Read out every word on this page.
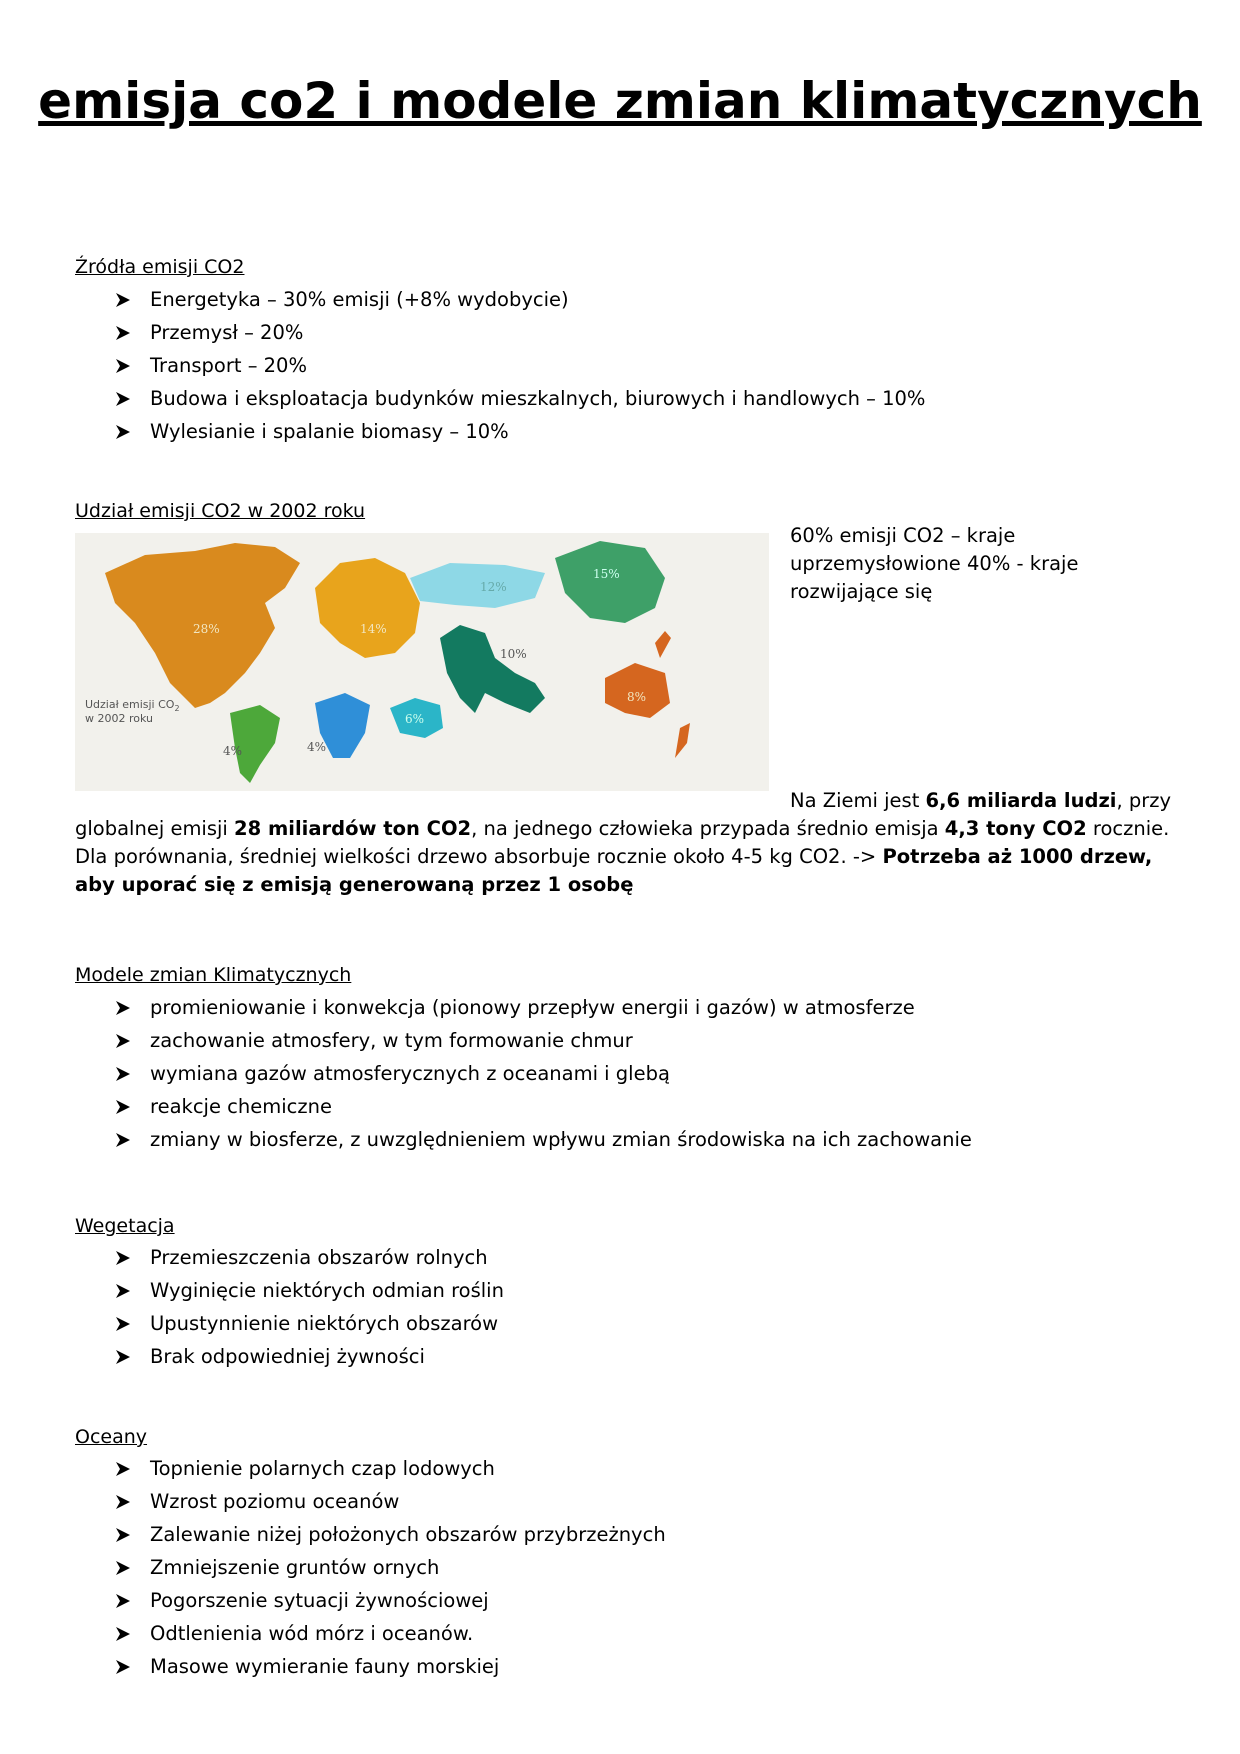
emisja co2 i modele zmian klimatycznych
Źródła emisji CO2
Energetyka – 30% emisji (+8% wydobycie)
Przemysł – 20%
Transport – 20%
Budowa i eksploatacja budynków mieszkalnych, biurowych i handlowych – 10%
Wylesianie i spalanie biomasy – 10%
Udział emisji CO2 w 2002 roku
28%
4%
14%
4%
12%
15%
10%
6%
8%
Udział emisji $CO_2$
w 2002 roku
60% emisji CO2 – kraje uprzemysłowione 40% - kraje rozwijające się
Na Ziemi jest 6,6 miliarda ludzi, przy globalnej emisji 28 miliardów ton CO2, na jednego człowieka przypada średnio emisja 4,3 tony CO2 rocznie. Dla porównania, średniej wielkości drzewo absorbuje rocznie około 4-5 kg CO2. -> Potrzeba aż 1000 drzew, aby uporać się z emisją generowaną przez 1 osobę
Modele zmian Klimatycznych
promieniowanie i konwekcja (pionowy przepływ energii i gazów) w atmosferze
zachowanie atmosfery, w tym formowanie chmur
wymiana gazów atmosferycznych z oceanami i glebą
reakcje chemiczne
zmiany w biosferze, z uwzględnieniem wpływu zmian środowiska na ich zachowanie
Wegetacja
Przemieszczenia obszarów rolnych
Wyginięcie niektórych odmian roślin
Upustynnienie niektórych obszarów
Brak odpowiedniej żywności
Oceany
Topnienie polarnych czap lodowych
Wzrost poziomu oceanów
Zalewanie niżej położonych obszarów przybrzeżnych
Zmniejszenie gruntów ornych
Pogorszenie sytuacji żywnościowej
Odtlenienia wód mórz i oceanów.
Masowe wymieranie fauny morskiej
